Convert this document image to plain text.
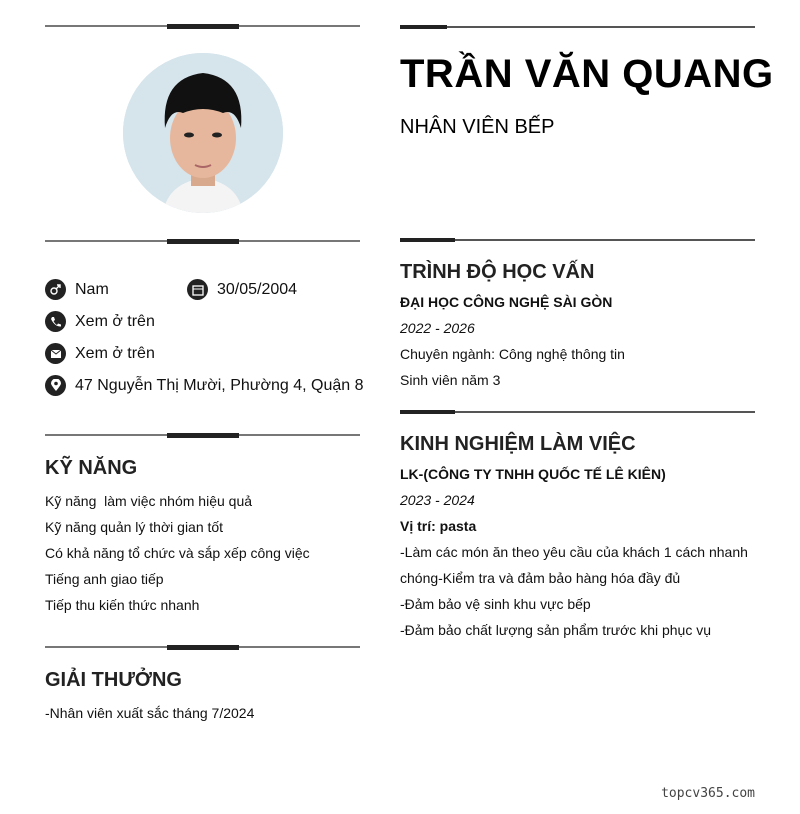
Nam	30/05/2004
Xem ở trên
Xem ở trên
47 Nguyễn Thị Mười, Phường 4, Quận 8
KỸ NĂNG
Kỹ năng  làm việc nhóm hiệu quả
Kỹ năng quản lý thời gian tốt
Có khả năng tổ chức và sắp xếp công việc
Tiếng anh giao tiếp
Tiếp thu kiến thức nhanh
GIẢI THƯỞNG
-Nhân viên xuất sắc tháng 7/2024
TRẦN VĂN QUANG
NHÂN VIÊN BẾP
TRÌNH ĐỘ HỌC VẤN
ĐẠI HỌC CÔNG NGHỆ SÀI GÒN
2022 - 2026
Chuyên ngành: Công nghệ thông tin
Sinh viên năm 3
KINH NGHIỆM LÀM VIỆC
LK-(CÔNG TY TNHH QUỐC TẾ LÊ KIÊN)
2023 - 2024
Vị trí: pasta
-Làm các món ăn theo yêu cầu của khách 1 cách nhanh
chóng-Kiểm tra và đảm bảo hàng hóa đầy đủ
-Đảm bảo vệ sinh khu vực bếp
-Đảm bảo chất lượng sản phẩm trước khi phục vụ
topcv365.com
